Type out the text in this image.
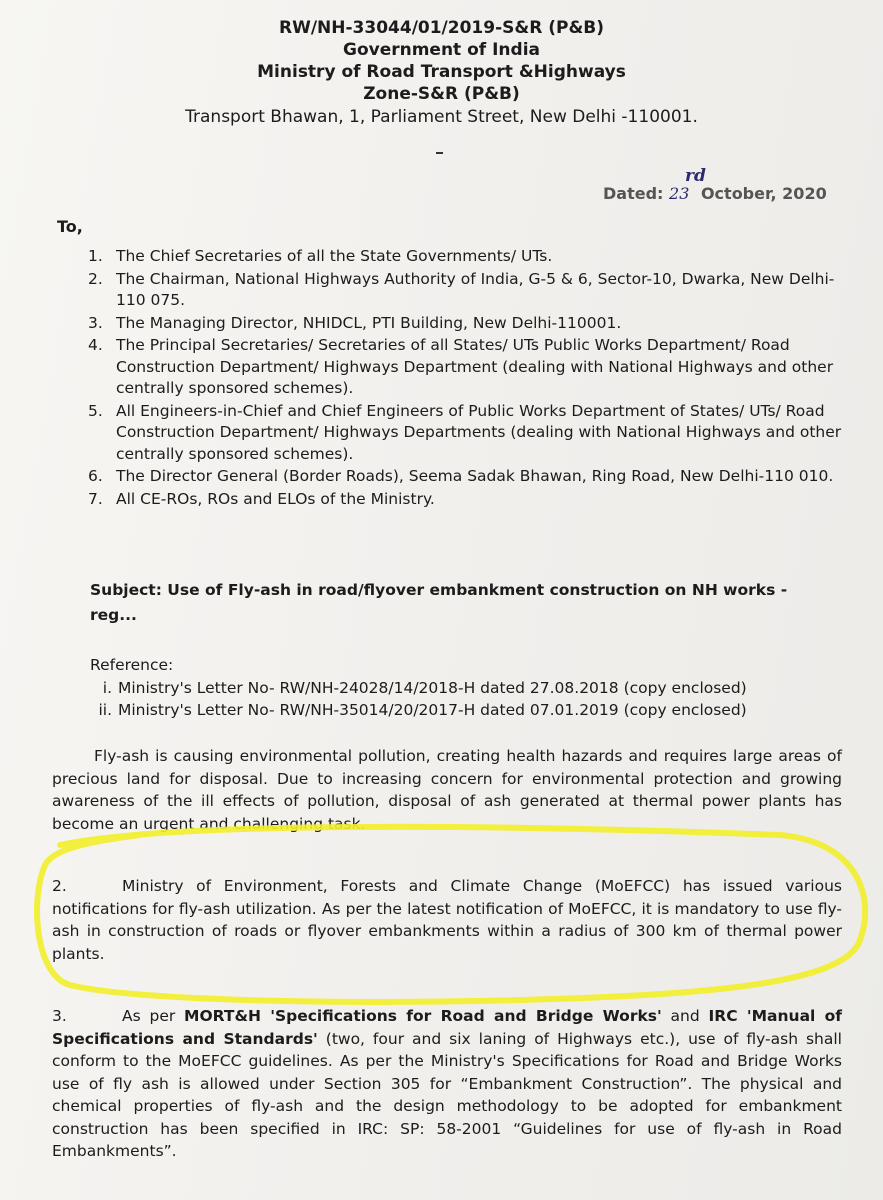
RW/NH-33044/01/2019-S&R (P&B)
Government of India
Ministry of Road Transport &Highways
Zone-S&R (P&B)
Transport Bhawan, 1, Parliament Street, New Delhi -110001.
Dated: 23
rd
October, 2020
To,
1. The Chief Secretaries of all the State Governments/ UTs.
2. The Chairman, National Highways Authority of India, G-5 & 6, Sector-10, Dwarka, New Delhi-110 075.
3. The Managing Director, NHIDCL, PTI Building, New Delhi-110001.
4. The Principal Secretaries/ Secretaries of all States/ UTs Public Works Department/ Road Construction Department/ Highways Department (dealing with National Highways and other centrally sponsored schemes).
5. All Engineers-in-Chief and Chief Engineers of Public Works Department of States/ UTs/ Road Construction Department/ Highways Departments (dealing with National Highways and other centrally sponsored schemes).
6. The Director General (Border Roads), Seema Sadak Bhawan, Ring Road, New Delhi-110 010.
7. All CE-ROs, ROs and ELOs of the Ministry.
Subject: Use of Fly-ash in road/flyover embankment construction on NH works - reg...
Reference:
i. Ministry's Letter No- RW/NH-24028/14/2018-H dated 27.08.2018 (copy enclosed)
ii. Ministry's Letter No- RW/NH-35014/20/2017-H dated 07.01.2019 (copy enclosed)
Fly-ash is causing environmental pollution, creating health hazards and requires large areas of precious land for disposal. Due to increasing concern for environmental protection and growing awareness of the ill effects of pollution, disposal of ash generated at thermal power plants has become an urgent and challenging task.
2.	Ministry of Environment, Forests and Climate Change (MoEFCC) has issued various notifications for fly-ash utilization. As per the latest notification of MoEFCC, it is mandatory to use fly-ash in construction of roads or flyover embankments within a radius of 300 km of thermal power plants.
3.	As per MORT&H 'Specifications for Road and Bridge Works' and IRC 'Manual of Specifications and Standards' (two, four and six laning of Highways etc.), use of fly-ash shall conform to the MoEFCC guidelines. As per the Ministry's Specifications for Road and Bridge Works use of fly ash is allowed under Section 305 for “Embankment Construction”. The physical and chemical properties of fly-ash and the design methodology to be adopted for embankment construction has been specified in IRC: SP: 58-2001 “Guidelines for use of fly-ash in Road Embankments”.
